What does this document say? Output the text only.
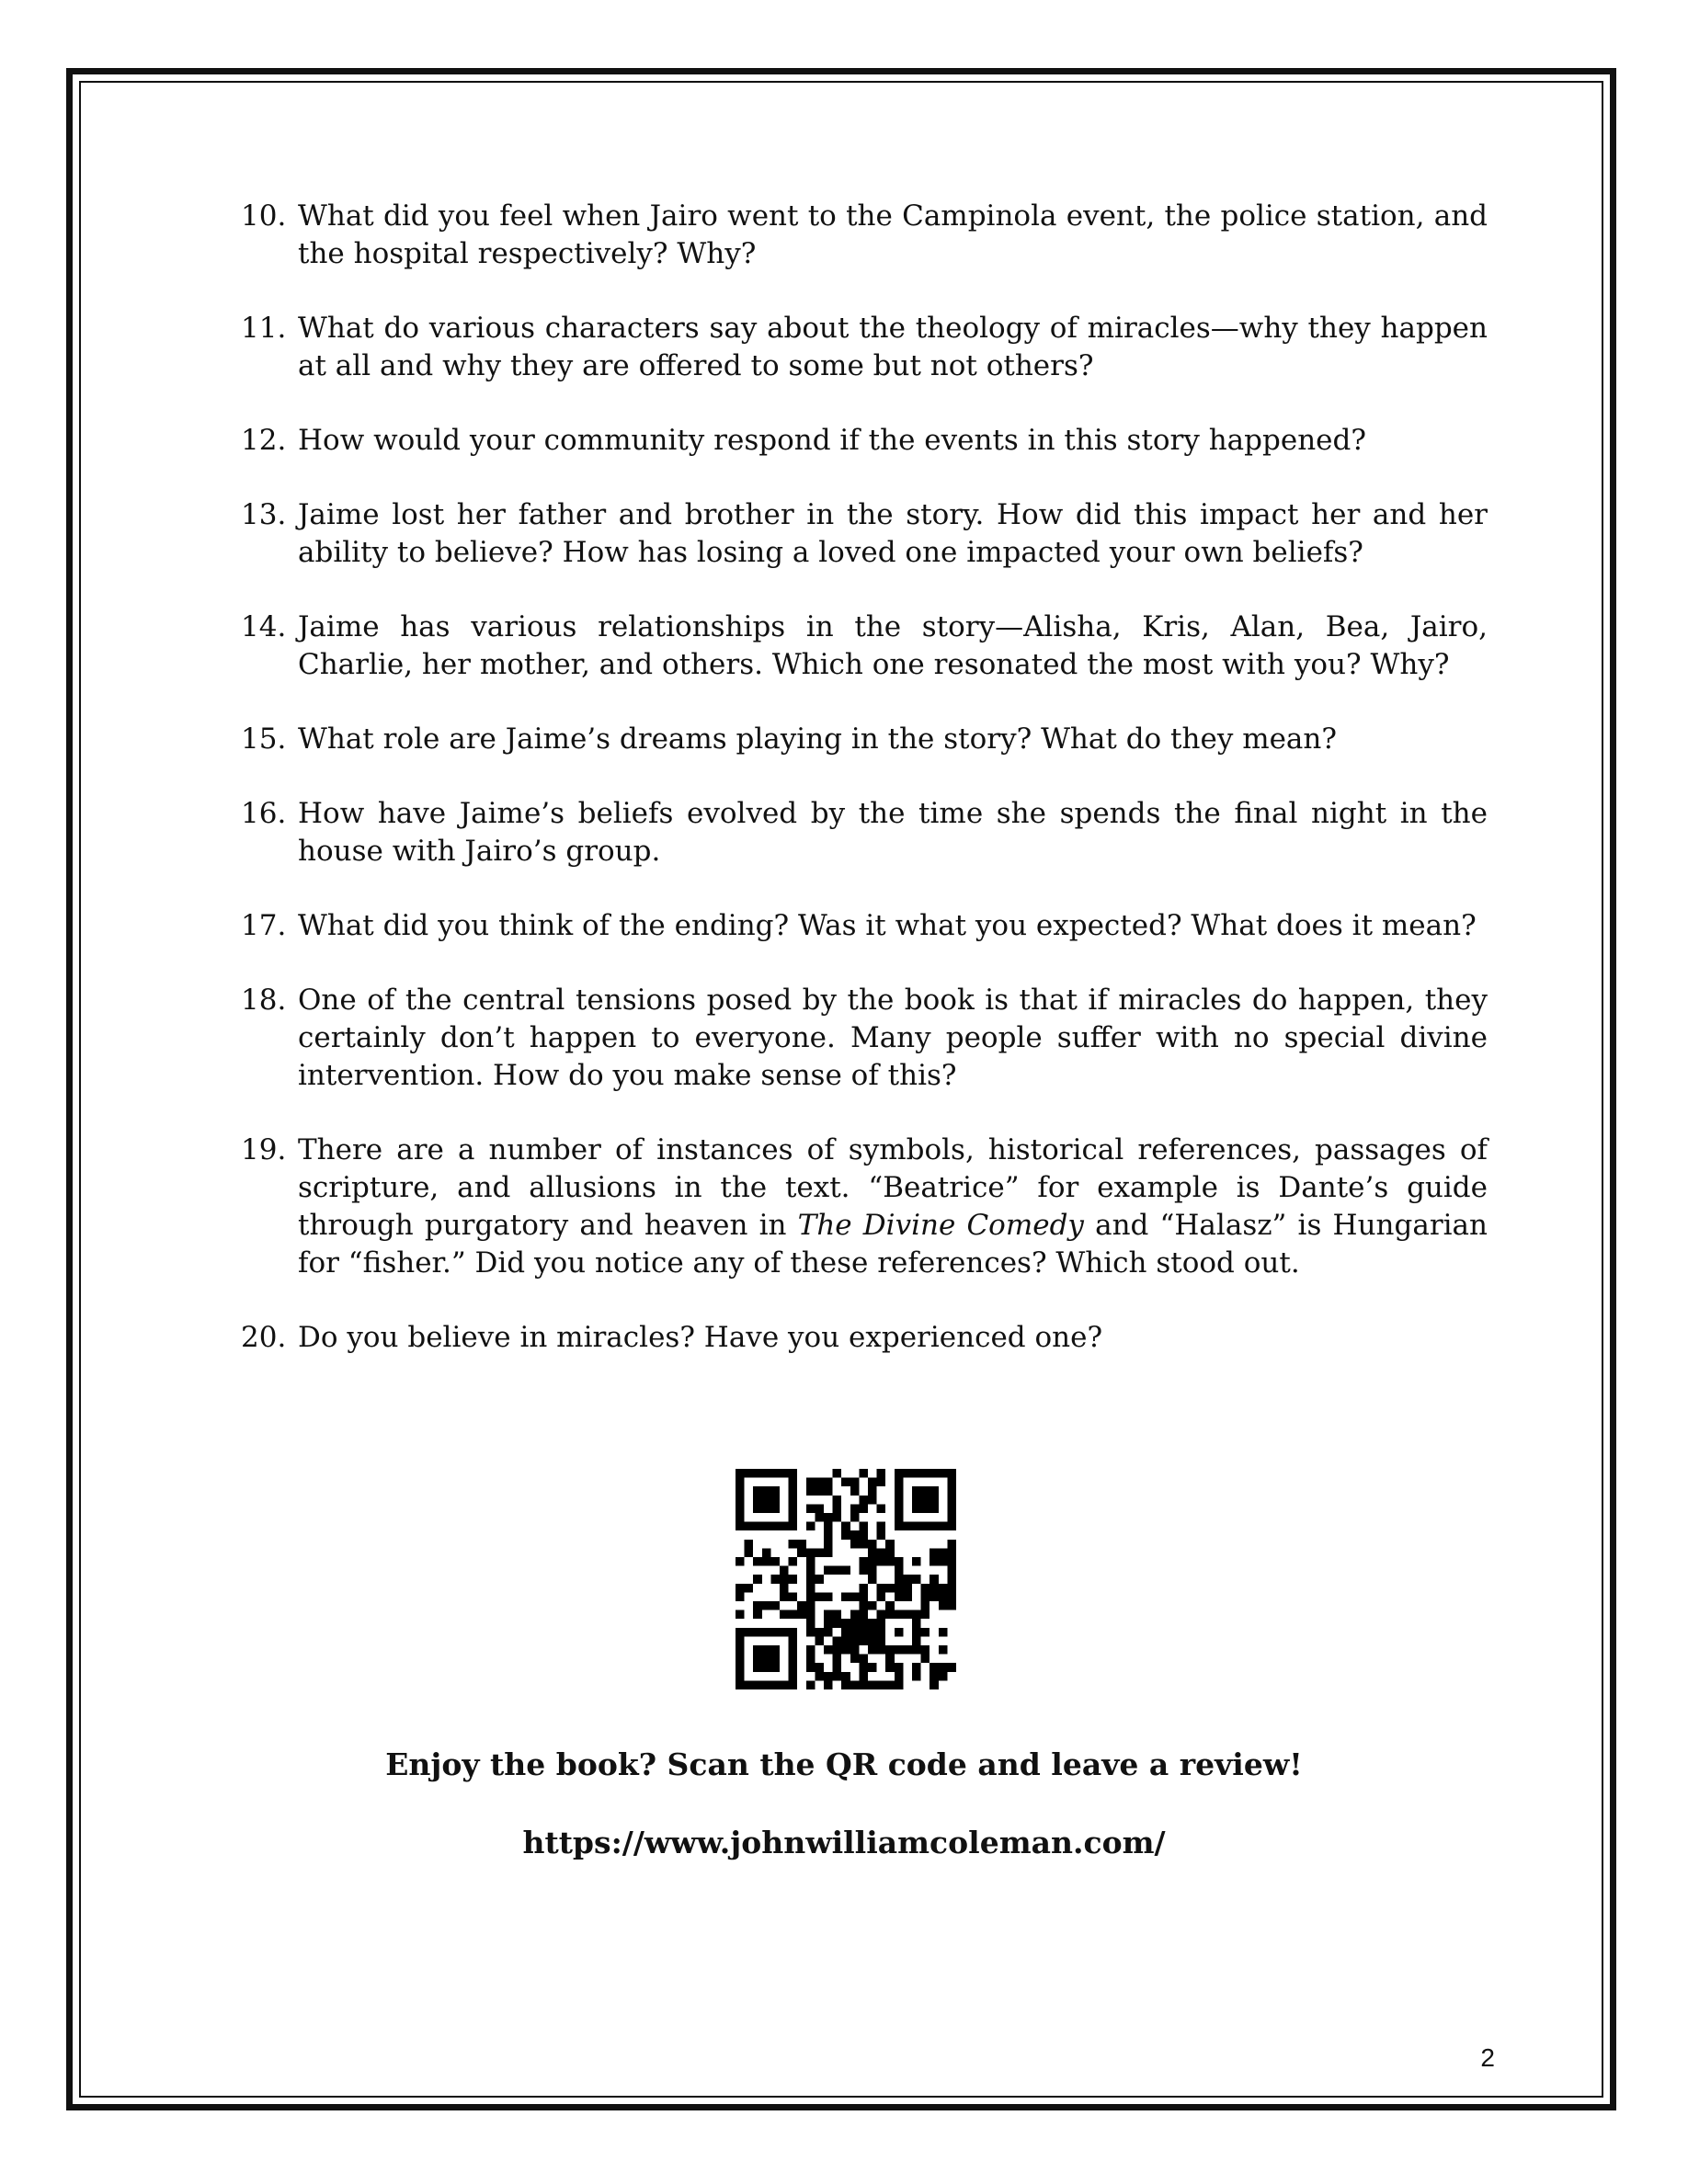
10. What did you feel when Jairo went to the Campinola event, the police station, and the hospital respectively? Why?
11. What do various characters say about the theology of miracles—why they happen at all and why they are offered to some but not others?
12. How would your community respond if the events in this story happened?
13. Jaime lost her father and brother in the story. How did this impact her and her ability to believe? How has losing a loved one impacted your own beliefs?
14. Jaime has various relationships in the story—Alisha, Kris, Alan, Bea, Jairo, Charlie, her mother, and others. Which one resonated the most with you? Why?
15. What role are Jaime’s dreams playing in the story? What do they mean?
16. How have Jaime’s beliefs evolved by the time she spends the final night in the house with Jairo’s group.
17. What did you think of the ending? Was it what you expected? What does it mean?
18. One of the central tensions posed by the book is that if miracles do happen, they certainly don’t happen to everyone. Many people suffer with no special divine intervention. How do you make sense of this?
19. There are a number of instances of symbols, historical references, passages of scripture, and allusions in the text. “Beatrice” for example is Dante’s guide through purgatory and heaven in The Divine Comedy and “Halasz” is Hungarian for “fisher.” Did you notice any of these references? Which stood out.
20. Do you believe in miracles? Have you experienced one?
Enjoy the book? Scan the QR code and leave a review!
https://www.johnwilliamcoleman.com/
2
